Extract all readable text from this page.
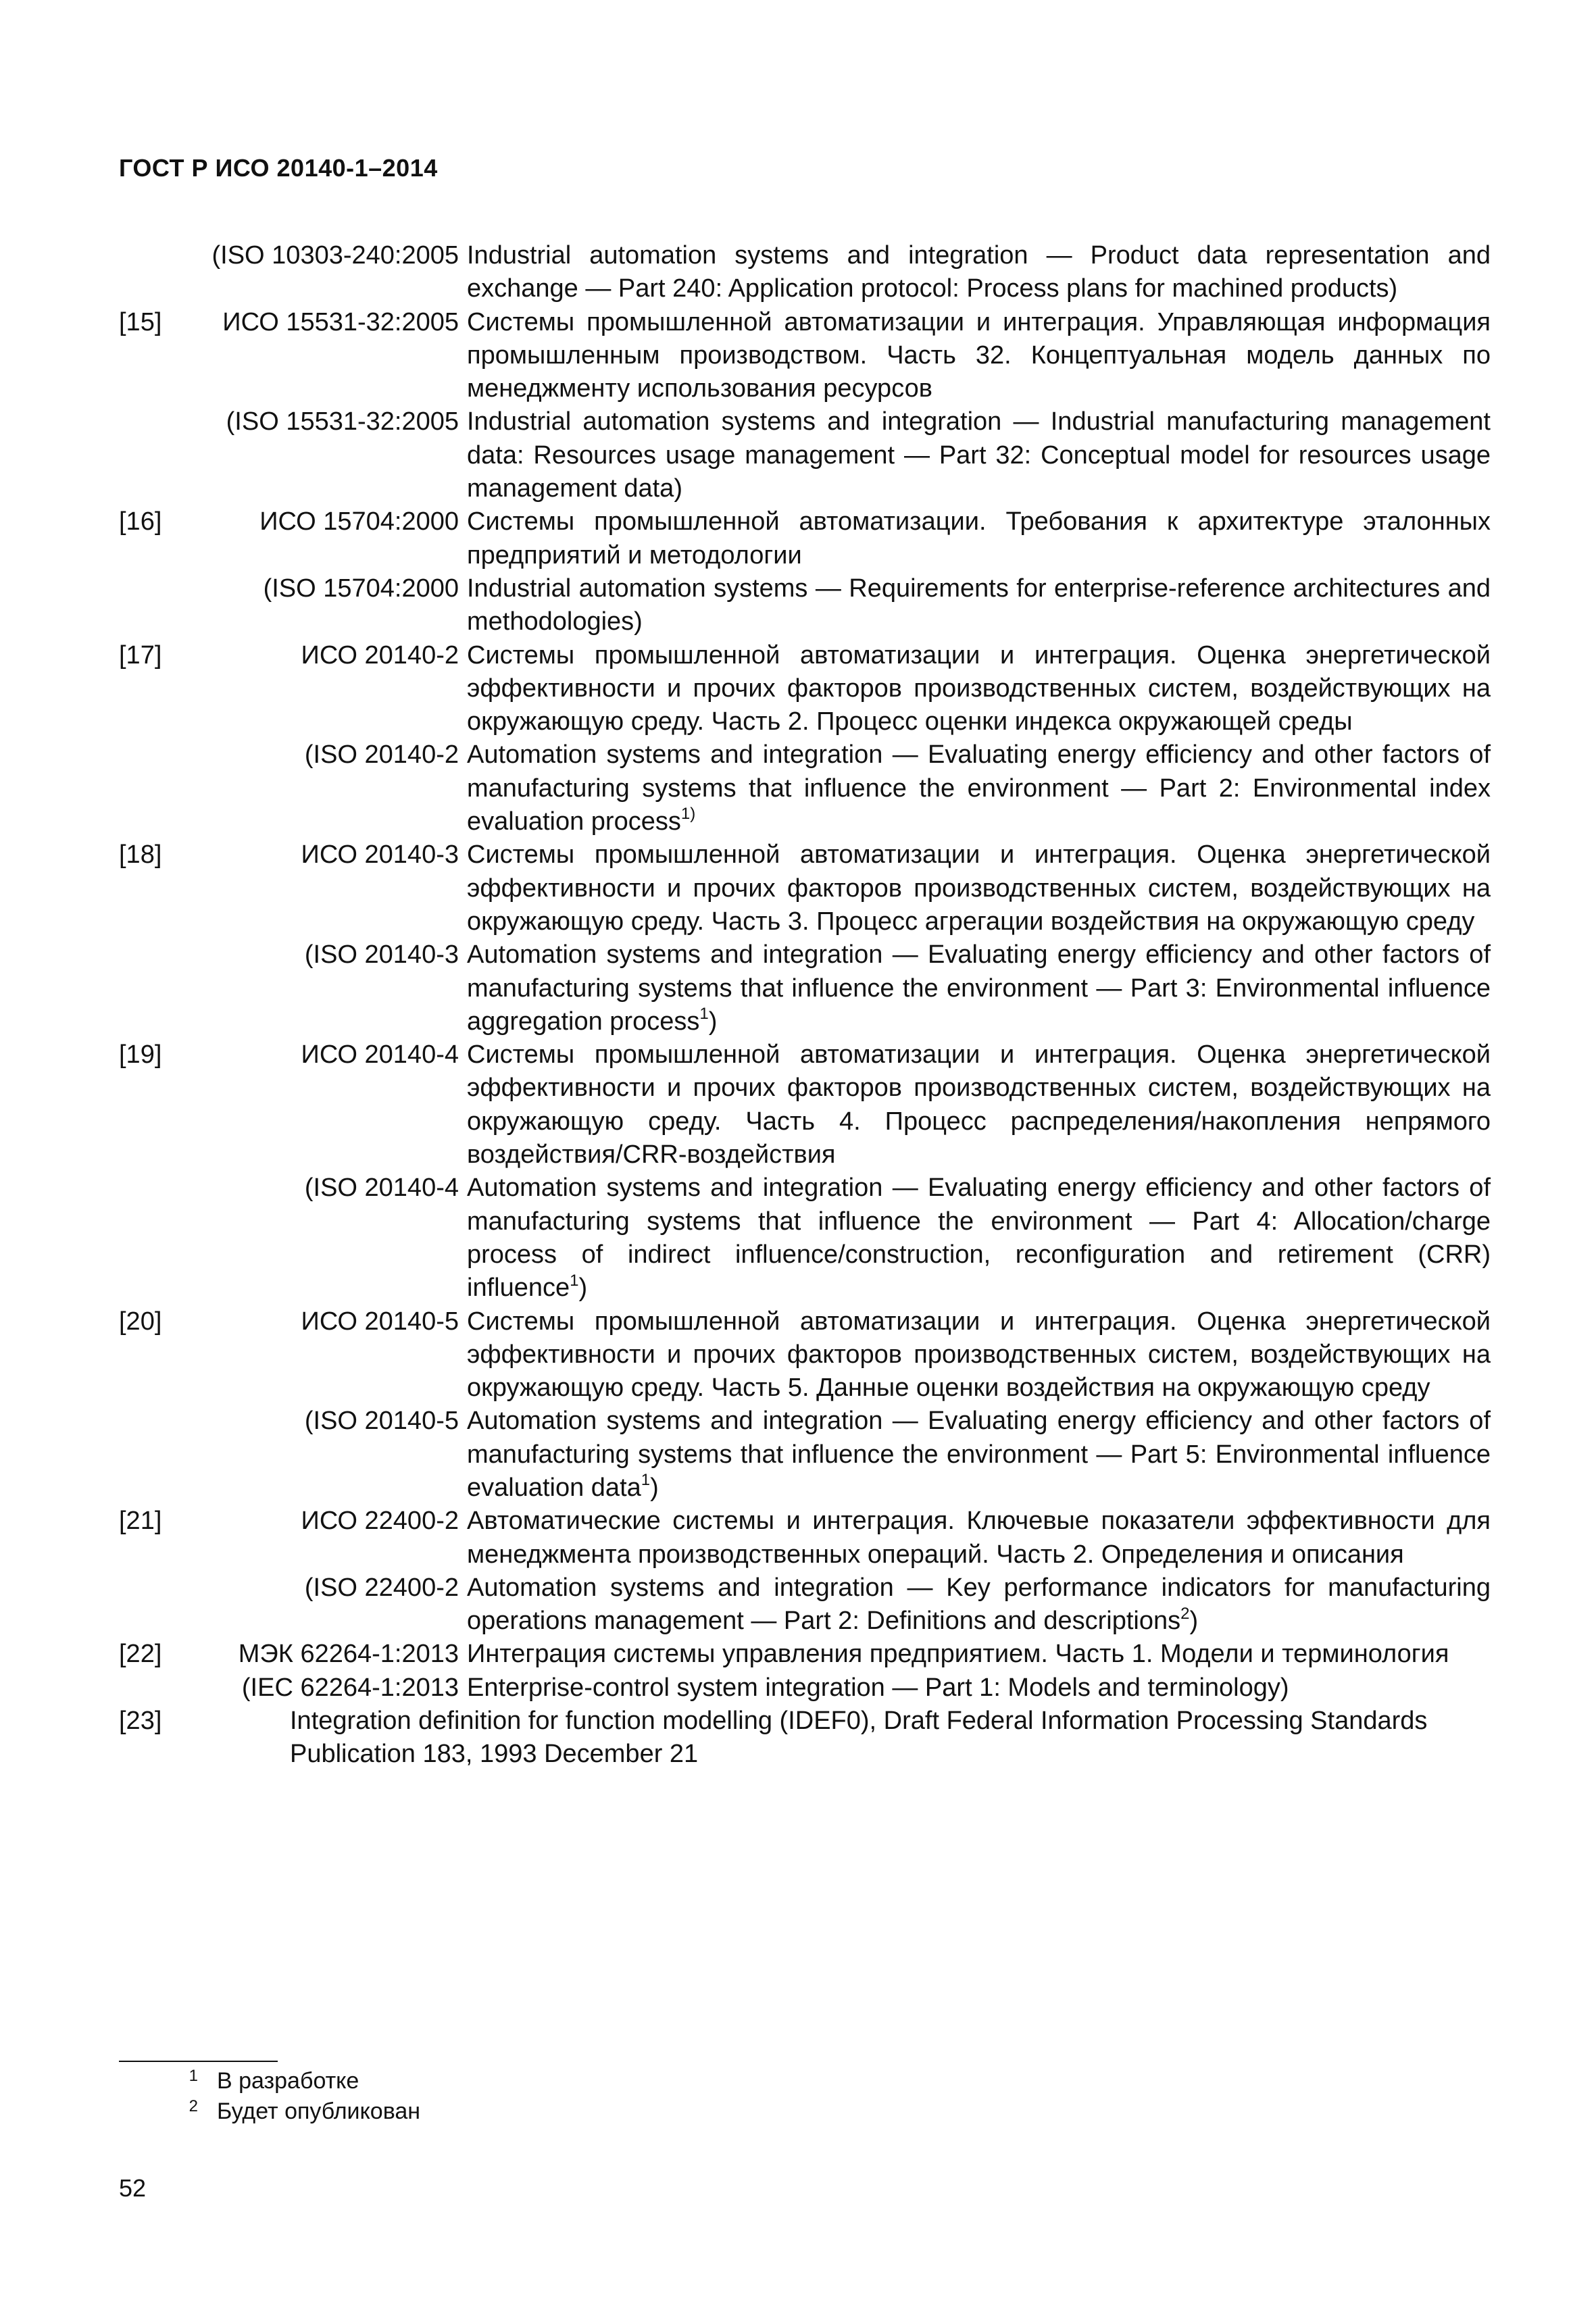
ГОСТ Р ИСО 20140-1–2014
(ISO 10303-240:2005 Industrial automation systems and integration — Product data representation and exchange — Part 240: Application protocol: Process plans for machined products)
[15]	ИСО 15531-32:2005 Системы промышленной автоматизации и интеграция. Управляющая информация промышленным производством. Часть 32. Концептуальная модель данных по менеджменту использования ресурсов
(ISO 15531-32:2005 Industrial automation systems and integration — Industrial manufacturing management data: Resources usage management — Part 32: Conceptual model for resources usage management data)
[16]	ИСО 15704:2000 Системы промышленной автоматизации. Требования к архитектуре эталонных предприятий и методологии
(ISO 15704:2000 Industrial automation systems — Requirements for enterprise-reference architectures and methodologies)
[17]	ИСО 20140-2 Системы промышленной автоматизации и интеграция. Оценка энергетической эффективности и прочих факторов производственных систем, воздействующих на окружающую среду. Часть 2. Процесс оценки индекса окружающей среды
(ISO 20140-2 Automation systems and integration — Evaluating energy efficiency and other factors of manufacturing systems that influence the environment — Part 2: Environmental index evaluation process$^{1)}$
[18]	ИСО 20140-3 Системы промышленной автоматизации и интеграция. Оценка энергетической эффективности и прочих факторов производственных систем, воздействующих на окружающую среду. Часть 3. Процесс агрегации воздействия на окружающую среду
(ISO 20140-3 Automation systems and integration — Evaluating energy efficiency and other factors of manufacturing systems that influence the environment — Part 3: Environmental influence aggregation process$^1$)
[19]	ИСО 20140-4 Системы промышленной автоматизации и интеграция. Оценка энергетической эффективности и прочих факторов производственных систем, воздействующих на окружающую среду. Часть 4. Процесс распределения/накопления непрямого воздействия/CRR-воздействия
(ISO 20140-4 Automation systems and integration — Evaluating energy efficiency and other factors of manufacturing systems that influence the environment — Part 4: Allocation/charge process of indirect influence/construction, reconfiguration and retirement (CRR) influence$^1$)
[20]	ИСО 20140-5 Системы промышленной автоматизации и интеграция. Оценка энергетической эффективности и прочих факторов производственных систем, воздействующих на окружающую среду. Часть 5. Данные оценки воздействия на окружающую среду
(ISO 20140-5 Automation systems and integration — Evaluating energy efficiency and other factors of manufacturing systems that influence the environment — Part 5: Environmental influence evaluation data$^1$)
[21]	ИСО 22400-2 Автоматические системы и интеграция. Ключевые показатели эффективности для менеджмента производственных операций. Часть 2. Определения и описания
(ISO 22400-2 Automation systems and integration — Key performance indicators for manufacturing operations management — Part 2: Definitions and descriptions$^2$)
[22]	МЭК 62264-1:2013 Интеграция системы управления предприятием. Часть 1. Модели и терминология
(IEC 62264-1:2013 Enterprise-control system integration — Part 1: Models and terminology)
[23]	Integration definition for function modelling (IDEF0), Draft Federal Information Processing Standards Publication 183, 1993 December 21
1 В разработке
2 Будет опубликован
52
